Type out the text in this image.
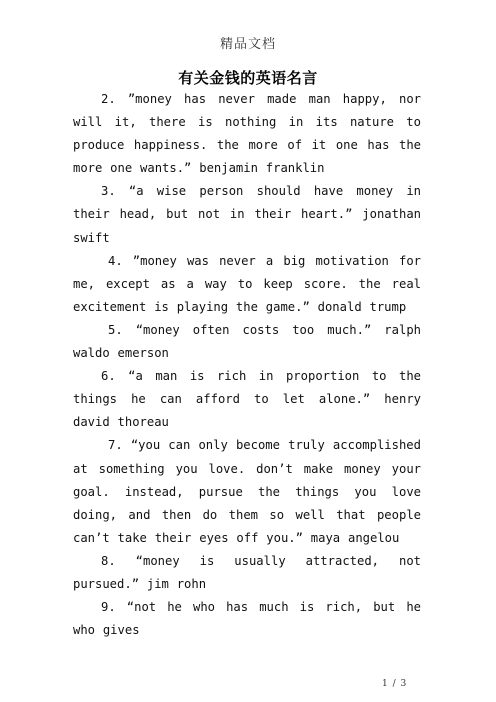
精品文档
有关金钱的英语名言

2. ”money has never made man happy, nor will it, there is nothing in its nature to produce happiness. the more of it one has the more one wants.” benjamin franklin

3. “a wise person should have money in their head, but not in their heart.” jonathan swift

4. ”money was never a big motivation for me, except as a way to keep score. the real excitement is playing the game.” donald trump

5. “money often costs too much.” ralph waldo emerson

6. “a man is rich in proportion to the things he can afford to let alone.” henry david thoreau

7. “you can only become truly accomplished at something you love. don’t make money your goal. instead, pursue the things you love doing, and then do them so well that people can’t take their eyes off you.” maya angelou

8. “money is usually attracted, not pursued.” jim rohn

9. “not he who has much is rich, but he who gives

1 / 3
